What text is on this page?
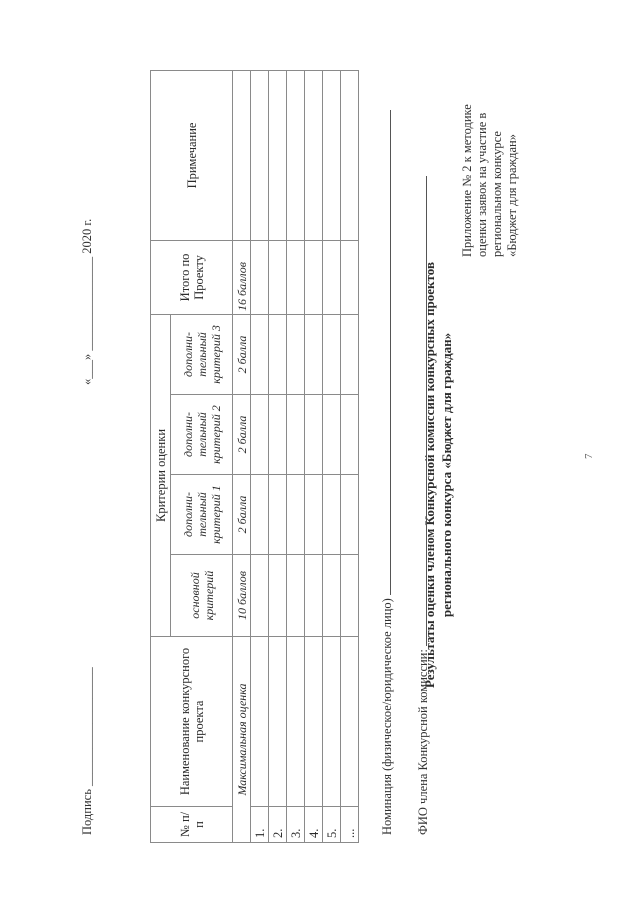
7
Приложение № 2 к методике оценки заявок на участие в региональном конкурсе «Бюджет для граждан»
Результаты оценки членом Конкурсной комиссии конкурсных проектов регионального конкурса «Бюджет для граждан»
ФИО члена Конкурсной комиссии:
Номинация (физическое/юридическое лицо)
№ п/п	Наименование конкурсного проекта	Критерии оценки				Итого по Проекту	Примечание
		основной критерий	дополни-тельный критерий 1	дополни-тельный критерий 2	дополни-тельный критерий 3		
Максимальная оценка		10 баллов	2 балла	2 балла	2 балла	16 баллов	
1.							
2.							
3.							
4.							
5.							
...							
Подпись ___________________
«___» _______________ 2020 г.
